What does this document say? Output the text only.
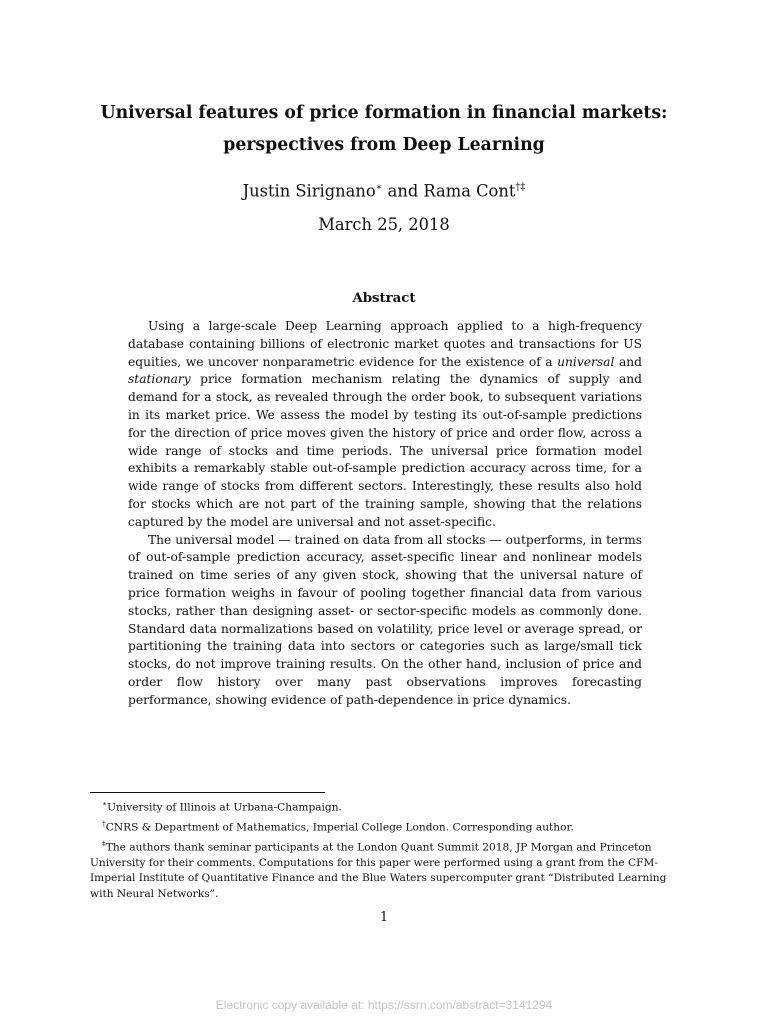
Universal features of price formation in financial markets:
perspectives from Deep Learning
Justin Sirignano∗ and Rama Cont†‡
March 25, 2018
Abstract

Using a large-scale Deep Learning approach applied to a high-frequency database containing billions of electronic market quotes and transactions for US equities, we uncover nonparametric evidence for the existence of a universal and stationary price formation mechanism relating the dynamics of supply and demand for a stock, as revealed through the order book, to subsequent variations in its market price. We assess the model by testing its out-of-sample predictions for the direction of price moves given the history of price and order flow, across a wide range of stocks and time periods. The universal price formation model exhibits a remarkably stable out-of-sample prediction accuracy across time, for a wide range of stocks from different sectors. Interestingly, these results also hold for stocks which are not part of the training sample, showing that the relations captured by the model are universal and not asset-specific.

The universal model — trained on data from all stocks — outperforms, in terms of out-of-sample prediction accuracy, asset-specific linear and nonlinear models trained on time series of any given stock, showing that the universal nature of price formation weighs in favour of pooling together financial data from various stocks, rather than designing asset- or sector-specific models as commonly done. Standard data normalizations based on volatility, price level or average spread, or partitioning the training data into sectors or categories such as large/small tick stocks, do not improve training results. On the other hand, inclusion of price and order flow history over many past observations improves forecasting performance, showing evidence of path-dependence in price dynamics.

∗University of Illinois at Urbana-Champaign.

†CNRS & Department of Mathematics, Imperial College London. Corresponding author.

‡The authors thank seminar participants at the London Quant Summit 2018, JP Morgan and Princeton University for their comments. Computations for this paper were performed using a grant from the CFM-Imperial Institute of Quantitative Finance and the Blue Waters supercomputer grant “Distributed Learning with Neural Networks”.

1
Electronic copy available at: https://ssrn.com/abstract=3141294
